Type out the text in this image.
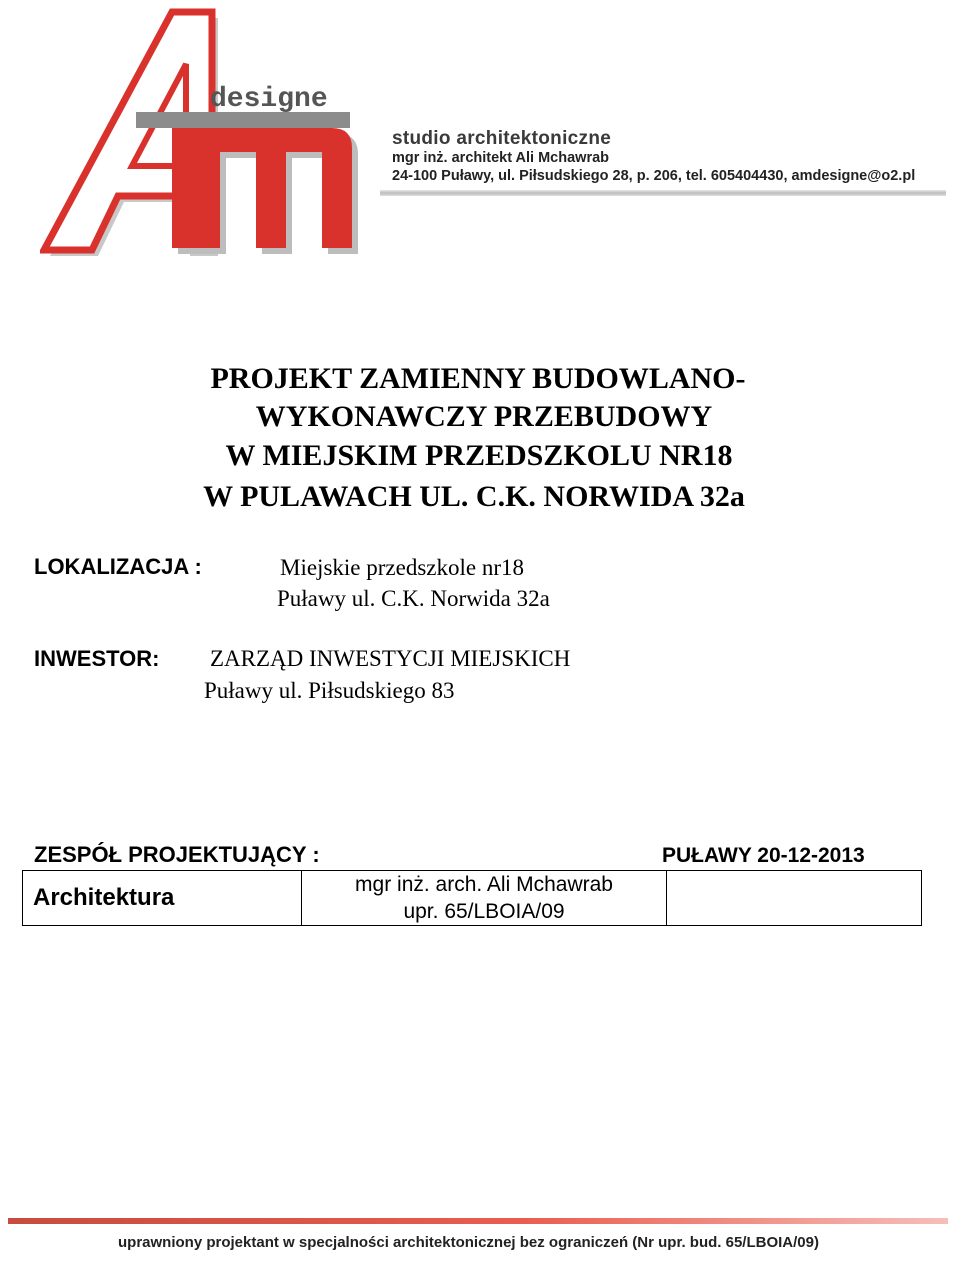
designe
studio architektoniczne
mgr inż. architekt Ali Mchawrab
24-100 Puławy, ul. Piłsudskiego 28, p. 206, tel. 605404430, amdesigne@o2.pl
PROJEKT ZAMIENNY BUDOWLANO-
WYKONAWCZY PRZEBUDOWY
W MIEJSKIM PRZEDSZKOLU NR18
W PULAWACH UL. C.K. NORWIDA 32a
LOKALIZACJA :	Miejskie przedszkole nr18
Puławy ul. C.K. Norwida 32a
INWESTOR: ZARZĄD INWESTYCJI MIEJSKICH
Puławy ul. Piłsudskiego 83
ZESPÓŁ PROJEKTUJĄCY :	PUŁAWY 20-12-2013
Architektura	mgr inż. arch. Ali Mchawrab
upr. 65/LBOIA/09

uprawniony projektant w specjalności architektonicznej bez ograniczeń (Nr upr. bud. 65/LBOIA/09)
